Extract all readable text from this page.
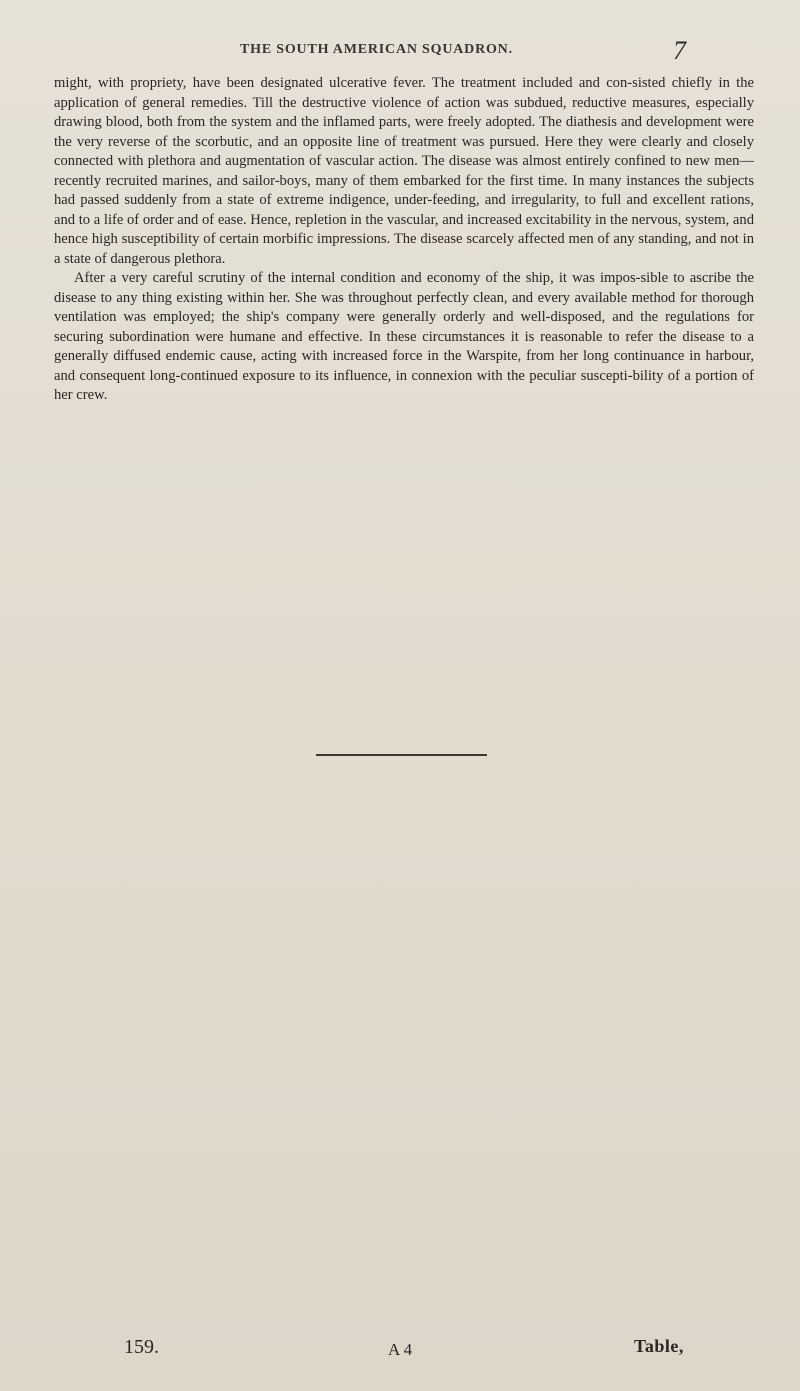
THE SOUTH AMERICAN SQUADRON.	7

might, with propriety, have been designated ulcerative fever. The treatment included and con-sisted chiefly in the application of general remedies. Till the destructive violence of action was subdued, reductive measures, especially drawing blood, both from the system and the inflamed parts, were freely adopted. The diathesis and development were the very reverse of the scorbutic, and an opposite line of treatment was pursued. Here they were clearly and closely connected with plethora and augmentation of vascular action. The disease was almost entirely confined to new men—recently recruited marines, and sailor-boys, many of them embarked for the first time. In many instances the subjects had passed suddenly from a state of extreme indigence, under-feeding, and irregularity, to full and excellent rations, and to a life of order and of ease. Hence, repletion in the vascular, and increased excitability in the nervous, system, and hence high susceptibility of certain morbific impressions. The disease scarcely affected men of any standing, and not in a state of dangerous plethora.

After a very careful scrutiny of the internal condition and economy of the ship, it was impos-sible to ascribe the disease to any thing existing within her. She was throughout perfectly clean, and every available method for thorough ventilation was employed; the ship's company were generally orderly and well-disposed, and the regulations for securing subordination were humane and effective. In these circumstances it is reasonable to refer the disease to a generally diffused endemic cause, acting with increased force in the Warspite, from her long continuance in harbour, and consequent long-continued exposure to its influence, in connexion with the peculiar suscepti-bility of a portion of her crew.

159.	A 4	Table,
